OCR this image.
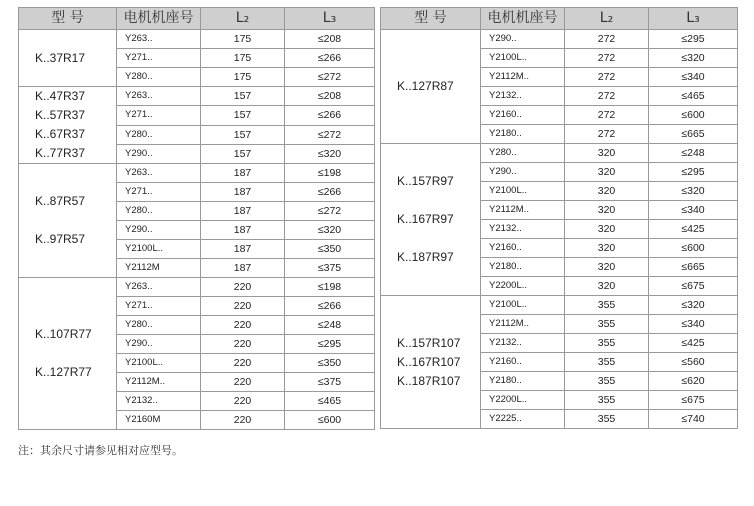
型 号	电机机座号	L₂	L₃

K..37R17	Y263..	175	≤208
	Y271..	175	≤266
	Y280..	175	≤272

K..47R37
K..57R37
K..67R37
K..77R37	Y263..	157	≤208
	Y271..	157	≤266
	Y280..	157	≤272
	Y290..	157	≤320

K..87R57
K..97R57	Y263..	187	≤198
	Y271..	187	≤266
	Y280..	187	≤272
	Y290..	187	≤320
	Y2100L..	187	≤350
	Y2112M	187	≤375

K..107R77
K..127R77	Y263..	220	≤198
	Y271..	220	≤266
	Y280..	220	≤248
	Y290..	220	≤295
	Y2100L..	220	≤350
	Y2112M..	220	≤375
	Y2132..	220	≤465
	Y2160M	220	≤600
型 号	电机机座号	L₂	L₃

K..127R87	Y290..	272	≤295
	Y2100L..	272	≤320
	Y2112M..	272	≤340
	Y2132..	272	≤465
	Y2160..	272	≤600
	Y2180..	272	≤665

K..157R97
K..167R97
K..187R97	Y280..	320	≤248
	Y290..	320	≤295
	Y2100L..	320	≤320
	Y2112M..	320	≤340
	Y2132..	320	≤425
	Y2160..	320	≤600
	Y2180..	320	≤665
	Y2200L..	320	≤675

K..157R107
K..167R107
K..187R107	Y2100L..	355	≤320
	Y2112M..	355	≤340
	Y2132..	355	≤425
	Y2160..	355	≤560
	Y2180..	355	≤620
	Y2200L..	355	≤675
	Y2225..	355	≤740
注：其余尺寸请参见相对应型号。
